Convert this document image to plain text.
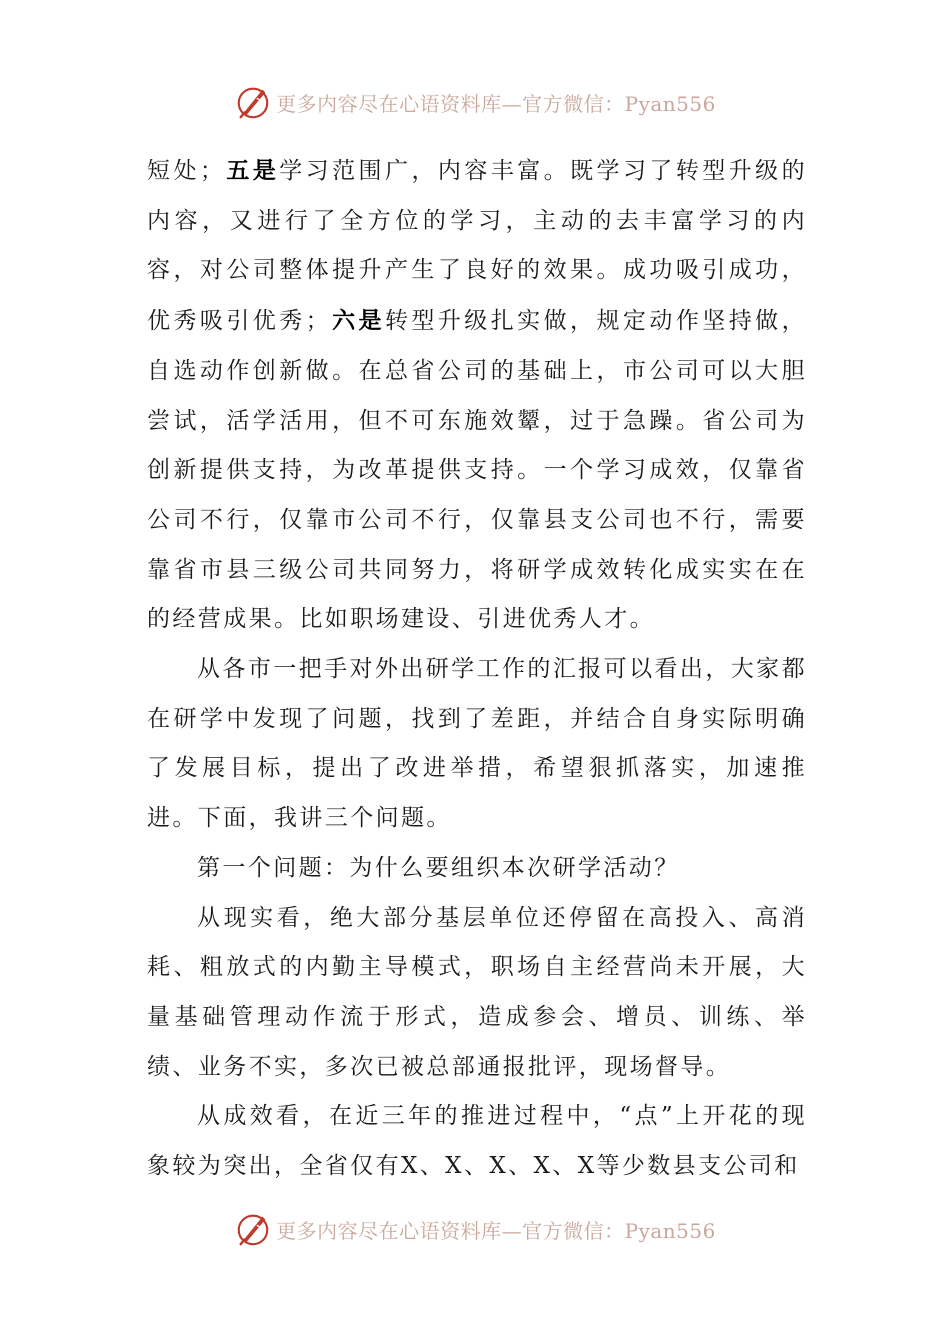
更多内容尽在心语资料库—官方微信：Pyan556

短处；五是学习范围广，内容丰富。既学习了转型升级的内容，又进行了全方位的学习，主动的去丰富学习的内容，对公司整体提升产生了良好的效果。成功吸引成功，优秀吸引优秀；六是转型升级扎实做，规定动作坚持做，自选动作创新做。在总省公司的基础上，市公司可以大胆尝试，活学活用，但不可东施效颦，过于急躁。省公司为创新提供支持，为改革提供支持。一个学习成效，仅靠省公司不行，仅靠市公司不行，仅靠县支公司也不行，需要靠省市县三级公司共同努力，将研学成效转化成实实在在的经营成果。比如职场建设、引进优秀人才。

从各市一把手对外出研学工作的汇报可以看出，大家都在研学中发现了问题，找到了差距，并结合自身实际明确了发展目标，提出了改进举措，希望狠抓落实，加速推进。下面，我讲三个问题。

第一个问题：为什么要组织本次研学活动？

从现实看，绝大部分基层单位还停留在高投入、高消耗、粗放式的内勤主导模式，职场自主经营尚未开展，大量基础管理动作流于形式，造成参会、增员、训练、举绩、业务不实，多次已被总部通报批评，现场督导。

从成效看，在近三年的推进过程中，“点”上开花的现象较为突出，全省仅有X、X、X、X、X等少数县支公司和

更多内容尽在心语资料库—官方微信：Pyan556
